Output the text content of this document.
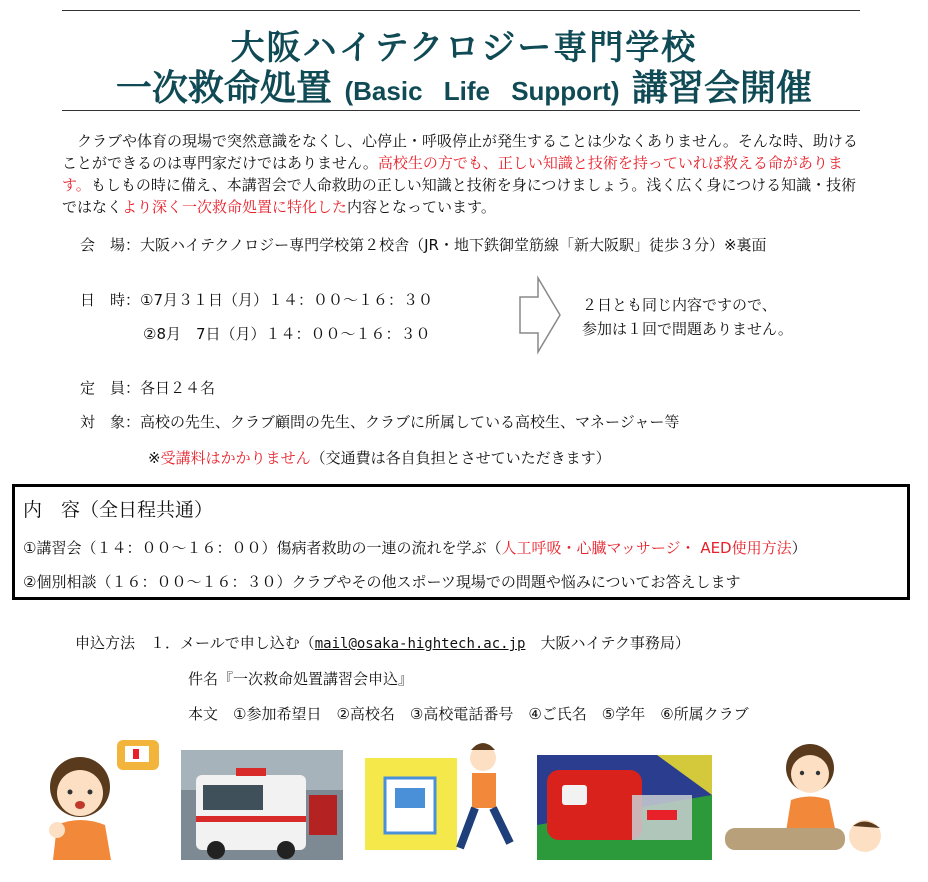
大阪ハイテクロジー専門学校
一次救命処置 (Basic Life Support) 講習会開催
　クラブや体育の現場で突然意識をなくし、心停止・呼吸停止が発生することは少なくありません。そんな時、助けることができるのは専門家だけではありません。高校生の方でも、正しい知識と技術を持っていれば救える命があります。もしもの時に備え、本講習会で人命救助の正しい知識と技術を身につけましょう。浅く広く身につける知識・技術ではなくより深く一次救命処置に特化した内容となっています。
会　場：大阪ハイテクノロジー専門学校第２校舎（JR・地下鉄御堂筋線「新大阪駅」徒歩３分）※裏面
日　時：①7月３１日（月）１４：００～１６：３０
②8月　7日（月）１４：００～１６：３０
２日とも同じ内容ですので、
参加は１回で問題ありません。
定　員：各日２４名
対　象：高校の先生、クラブ顧問の先生、クラブに所属している高校生、マネージャー等
※受講料はかかりません（交通費は各自負担とさせていただきます）
内　容（全日程共通）
①講習会（１４：００～１６：００）傷病者救助の一連の流れを学ぶ（人工呼吸・心臓マッサージ・ AED使用方法）
②個別相談（１６：００～１６：３０）クラブやその他スポーツ現場での問題や悩みについてお答えします
申込方法　 １．メールで申し込む（mail@osaka-hightech.ac.jp　大阪ハイテク事務局）
件名『一次救命処置講習会申込』
本文　①参加希望日　②高校名　③高校電話番号　④ご氏名　⑤学年　⑥所属クラブ
